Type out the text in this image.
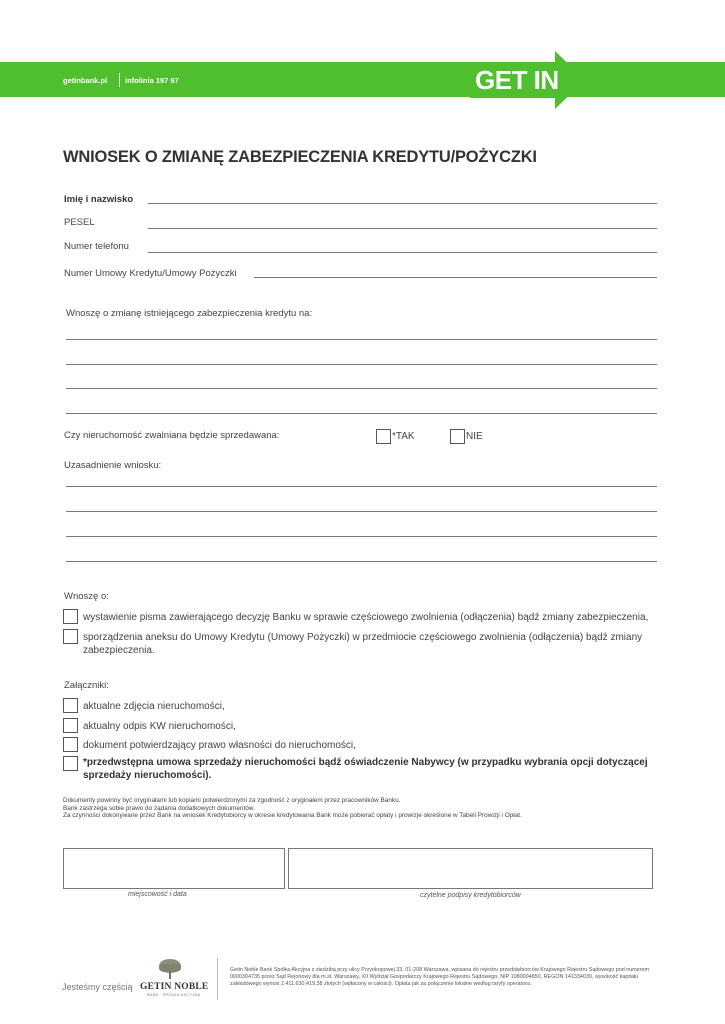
getinbank.pl infolinia 197 97	GET IN BANK
WNIOSEK O ZMIANĘ ZABEZPIECZENIA KREDYTU/POŻYCZKI
Imię i nazwisko
PESEL
Numer telefonu
Numer Umowy Kredytu/Umowy Pożyczki
Wnoszę o zmianę istniejącego zabezpieczenia kredytu na:
Czy nieruchomość zwalniana będzie sprzedawana:	*TAK	NIE
Uzasadnienie wniosku:
Wnoszę o:
wystawienie pisma zawierającego decyzję Banku w sprawie częściowego zwolnienia (odłączenia) bądź zmiany zabezpieczenia,
sporządzenia aneksu do Umowy Kredytu (Umowy Pożyczki) w przedmiocie częściowego zwolnienia (odłączenia) bądź zmiany zabezpieczenia.
Załączniki:
aktualne zdjęcia nieruchomości,
aktualny odpis KW nieruchomości,
dokument potwierdzający prawo własności do nieruchomości,
*przedwstępna umowa sprzedaży nieruchomości bądź oświadczenie Nabywcy (w przypadku wybrania opcji dotyczącej sprzedaży nieruchomości).
Dokumenty powinny być oryginałami lub kopiami potwierdzonymi za zgodność z oryginałem przez pracowników Banku.
Bank zastrzega sobie prawo do żądania dodatkowych dokumentów.
Za czynności dokonywane przez Bank na wniosek Kredytobiorcy w okresie kredytowania Bank może pobierać opłaty i prowizje określone w Tabeli Prowizji i Opłat.
miejscowość i data	czytelne podpisy kredytobiorców
Jesteśmy częścią GETIN NOBLE
BANK · SPÓŁKA AKCYJNA
Getin Noble Bank Spółka Akcyjna z siedzibą przy ulicy Przyokopowej 33, 01-208 Warszawa, wpisana do rejestru przedsiębiorców Krajowego Rejestru Sądowego pod numerem 0000304735 przez Sąd Rejonowy dla m.st. Warszawy, XII Wydział Gospodarczy Krajowego Rejestru Sądowego, NIP 1080004850, REGON 141334039, wysokość kapitału zakładowego wynosi 2.411.630.419,38 złotych (wpłacony w całości). Opłata jak za połączenie lokalne według taryfy operatora.
